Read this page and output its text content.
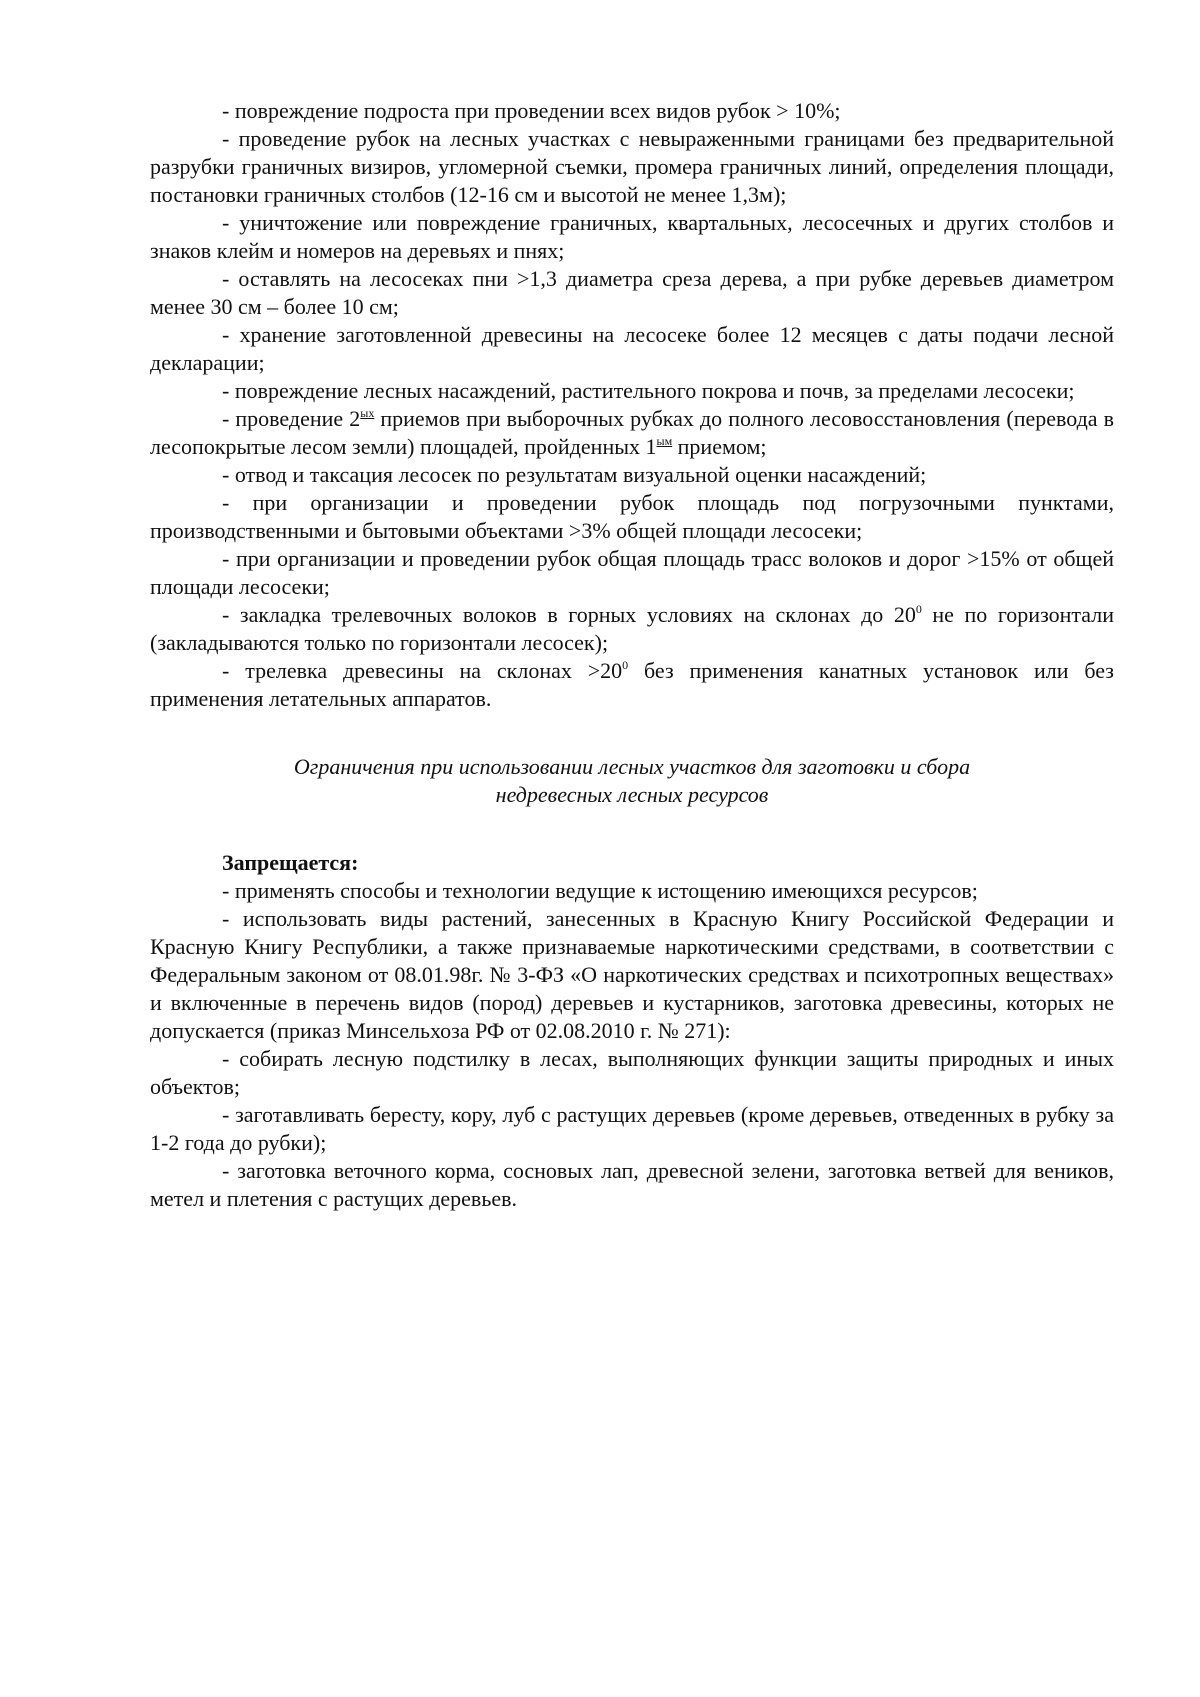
- повреждение подроста при проведении всех видов рубок > 10%;

- проведение рубок на лесных участках с невыраженными границами без предварительной разрубки граничных визиров, угломерной съемки, промера граничных линий, определения площади, постановки граничных столбов (12-16 см и высотой не менее 1,3м);

- уничтожение или повреждение граничных, квартальных, лесосечных и других столбов и знаков клейм и номеров на деревьях и пнях;

- оставлять на лесосеках пни >1,3 диаметра среза дерева, а при рубке деревьев диаметром менее 30 см – более 10 см;

- хранение заготовленной древесины на лесосеке более 12 месяцев с даты подачи лесной декларации;

- повреждение лесных насаждений, растительного покрова и почв, за пределами лесосеки;

- проведение $2^{ых}$ приемов при выборочных рубках до полного лесовосстановления (перевода в лесопокрытые лесом земли) площадей, пройденных $1^{ым}$ приемом;

- отвод и таксация лесосек по результатам визуальной оценки насаждений;

- при организации и проведении рубок площадь под погрузочными пунктами, производственными и бытовыми объектами >3% общей площади лесосеки;

- при организации и проведении рубок общая площадь трасс волоков и дорог >15% от общей площади лесосеки;

- закладка трелевочных волоков в горных условиях на склонах до $20^0$ не по горизонтали (закладываются только по горизонтали лесосек);

- трелевка древесины на склонах $>20^0$ без применения канатных установок или без применения летательных аппаратов.

Ограничения при использовании лесных участков для заготовки и сбора
недревесных лесных ресурсов

Запрещается:

- применять способы и технологии ведущие к истощению имеющихся ресурсов;

- использовать виды растений, занесенных в Красную Книгу Российской Федерации и Красную Книгу Республики, а также признаваемые наркотическими средствами, в соответствии с Федеральным законом от 08.01.98г. № 3-ФЗ «О наркотических средствах и психотропных веществах» и включенные в перечень видов (пород) деревьев и кустарников, заготовка древесины, которых не допускается (приказ Минсельхоза РФ от 02.08.2010 г. № 271):

- собирать лесную подстилку в лесах, выполняющих функции защиты природных и иных объектов;

- заготавливать бересту, кору, луб с растущих деревьев (кроме деревьев, отведенных в рубку за 1-2 года до рубки);

- заготовка веточного корма, сосновых лап, древесной зелени, заготовка ветвей для веников, метел и плетения с растущих деревьев.
